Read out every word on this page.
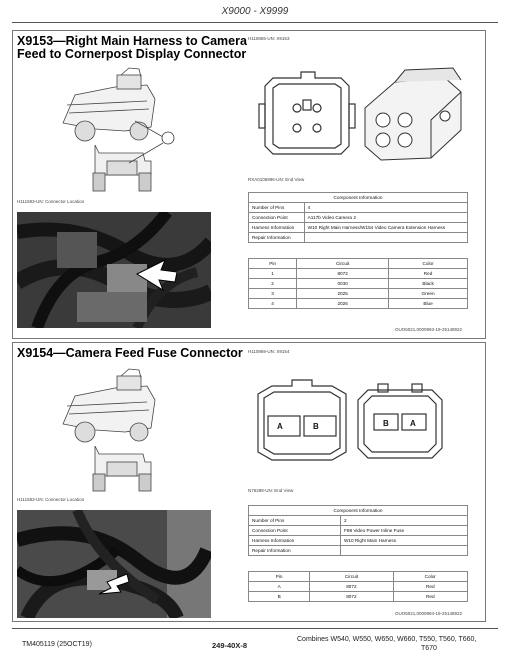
X9000 - X9999
X9153—Right Main Harness to Camera
Feed to Cornerpost Display Connector
H110865-UN: X9153
H111583-UN: Connector Location
RXA0105996-UN: End View
Component Information	
Number of Pins	4
Connection Point	A117b Video Camera 2
Harness Information	W10 Right Main Harness/W154 Video Camera Extension Harness
Repair Information	
Pin	Circuit	Color
1	8072	Red
2	0030	Black
3	2025	Green
4	2026	Blue
OUO6021,0000993-19-25148922
X9154—Camera Feed Fuse Connector H110869-UN: X9154
H111583-UN: Connector Location
A	B	B	A
N76288-UN: End View
Component Information	
Number of Pins	2
Connection Point	F88 Video Power Inline Fuse
Harness Information	W10 Right Main Harness
Repair Information	
Pin	Circuit	Color
A	8072	Red
B	8072	Red
OUO6021,0000994-19-25148922
TM405119 (25OCT19)	249-40X-8
Combines W540, W550, W650, W660, T550, T560, T660,
T670
